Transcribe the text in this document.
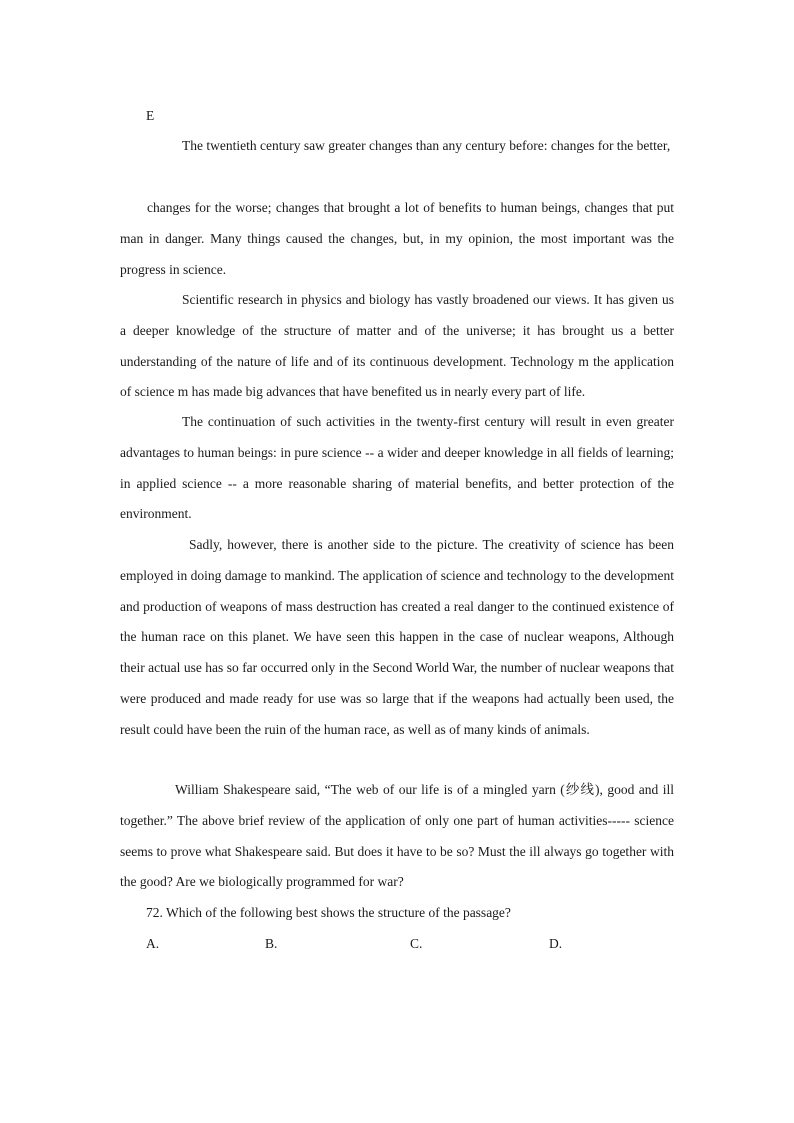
E
The twentieth century saw greater changes than any century before: changes for the better,
changes for the worse; changes that brought a lot of benefits to human beings, changes that put man in danger. Many things caused the changes, but, in my opinion, the most important was the progress in science.
Scientific research in physics and biology has vastly broadened our views. It has given us a deeper knowledge of the structure of matter and of the universe; it has brought us a better understanding of the nature of life and of its continuous development. Technology m the application of science m has made big advances that have benefited us in nearly every part of life.
The continuation of such activities in the twenty-first century will result in even greater advantages to human beings: in pure science -- a wider and deeper knowledge in all fields of learning; in applied science -- a more reasonable sharing of material benefits, and better protection of the environment.
Sadly, however, there is another side to the picture. The creativity of science has been employed in doing damage to mankind. The application of science and technology to the development and production of weapons of mass destruction has created a real danger to the continued existence of the human race on this planet. We have seen this happen in the case of nuclear weapons, Although their actual use has so far occurred only in the Second World War, the number of nuclear weapons that were produced and made ready for use was so large that if the weapons had actually been used, the result could have been the ruin of the human race, as well as of many kinds of animals.
William Shakespeare said, “The web of our life is of a mingled yarn (纱线), good and ill together.” The above brief review of the application of only one part of human activities----- science seems to prove what Shakespeare said. But does it have to be so? Must the ill always go together with the good? Are we biologically programmed for war?
72. Which of the following best shows the structure of the passage?
A.	B.	C.	D.
